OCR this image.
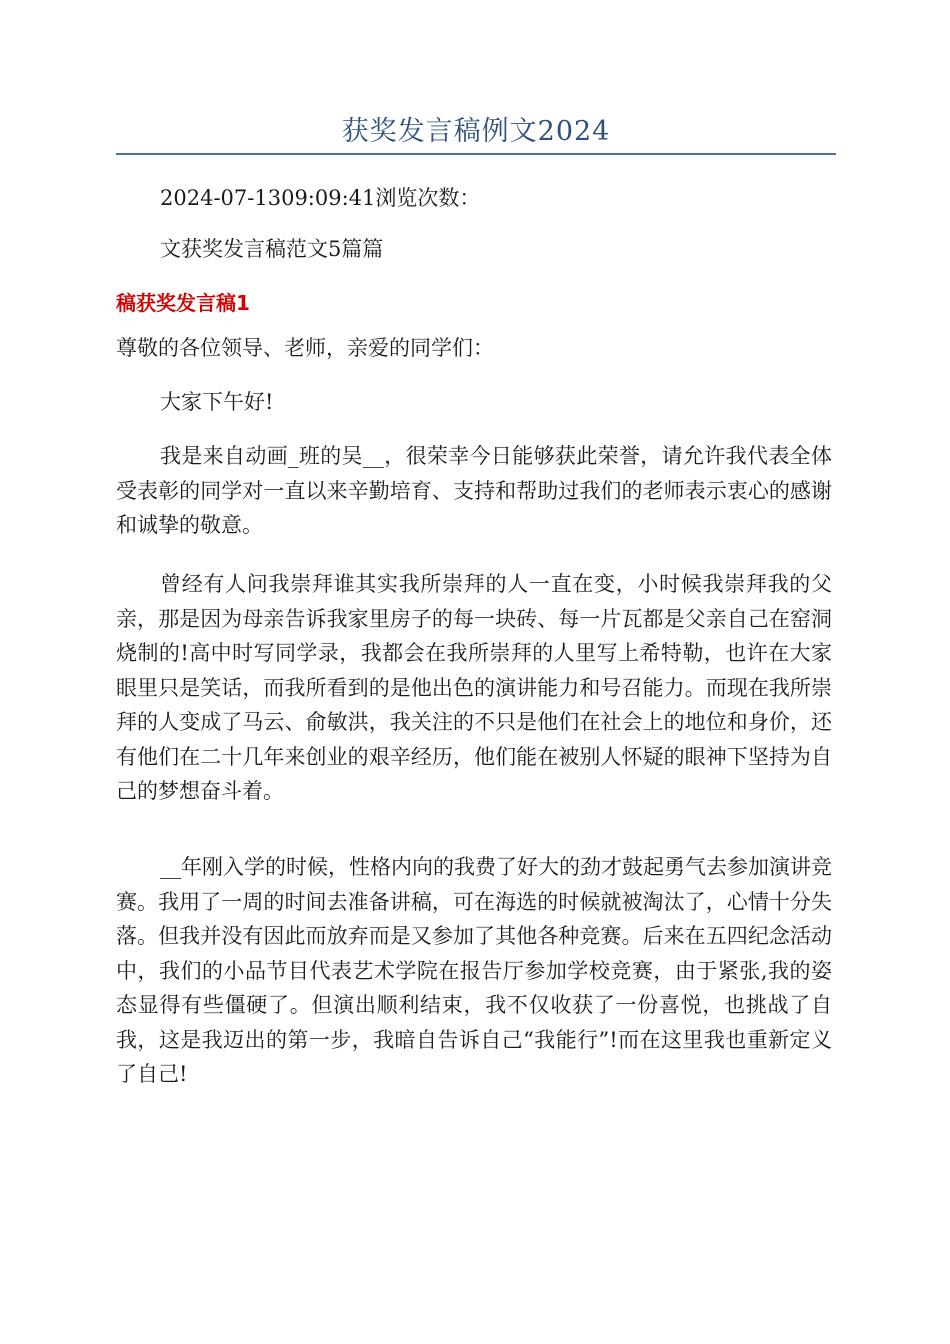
获奖发言稿例文2024

2024-07-1309:09:41浏览次数：

文获奖发言稿范文5篇篇

稿获奖发言稿1

尊敬的各位领导、老师，亲爱的同学们：

大家下午好!

我是来自动画_班的吴__，很荣幸今日能够获此荣誉，请允许我代表全体受表彰的同学对一直以来辛勤培育、支持和帮助过我们的老师表示衷心的感谢和诚挚的敬意。

曾经有人问我崇拜谁其实我所崇拜的人一直在变，小时候我崇拜我的父亲，那是因为母亲告诉我家里房子的每一块砖、每一片瓦都是父亲自己在窑洞烧制的!高中时写同学录，我都会在我所崇拜的人里写上希特勒，也许在大家眼里只是笑话，而我所看到的是他出色的演讲能力和号召能力。而现在我所崇拜的人变成了马云、俞敏洪，我关注的不只是他们在社会上的地位和身价，还有他们在二十几年来创业的艰辛经历，他们能在被别人怀疑的眼神下坚持为自己的梦想奋斗着。

__年刚入学的时候，性格内向的我费了好大的劲才鼓起勇气去参加演讲竞赛。我用了一周的时间去准备讲稿，可在海选的时候就被淘汰了，心情十分失落。但我并没有因此而放弃而是又参加了其他各种竞赛。后来在五四纪念活动中，我们的小品节目代表艺术学院在报告厅参加学校竞赛，由于紧张,我的姿态显得有些僵硬了。但演出顺利结束，我不仅收获了一份喜悦，也挑战了自我，这是我迈出的第一步，我暗自告诉自己“我能行”!而在这里我也重新定义了自己!
